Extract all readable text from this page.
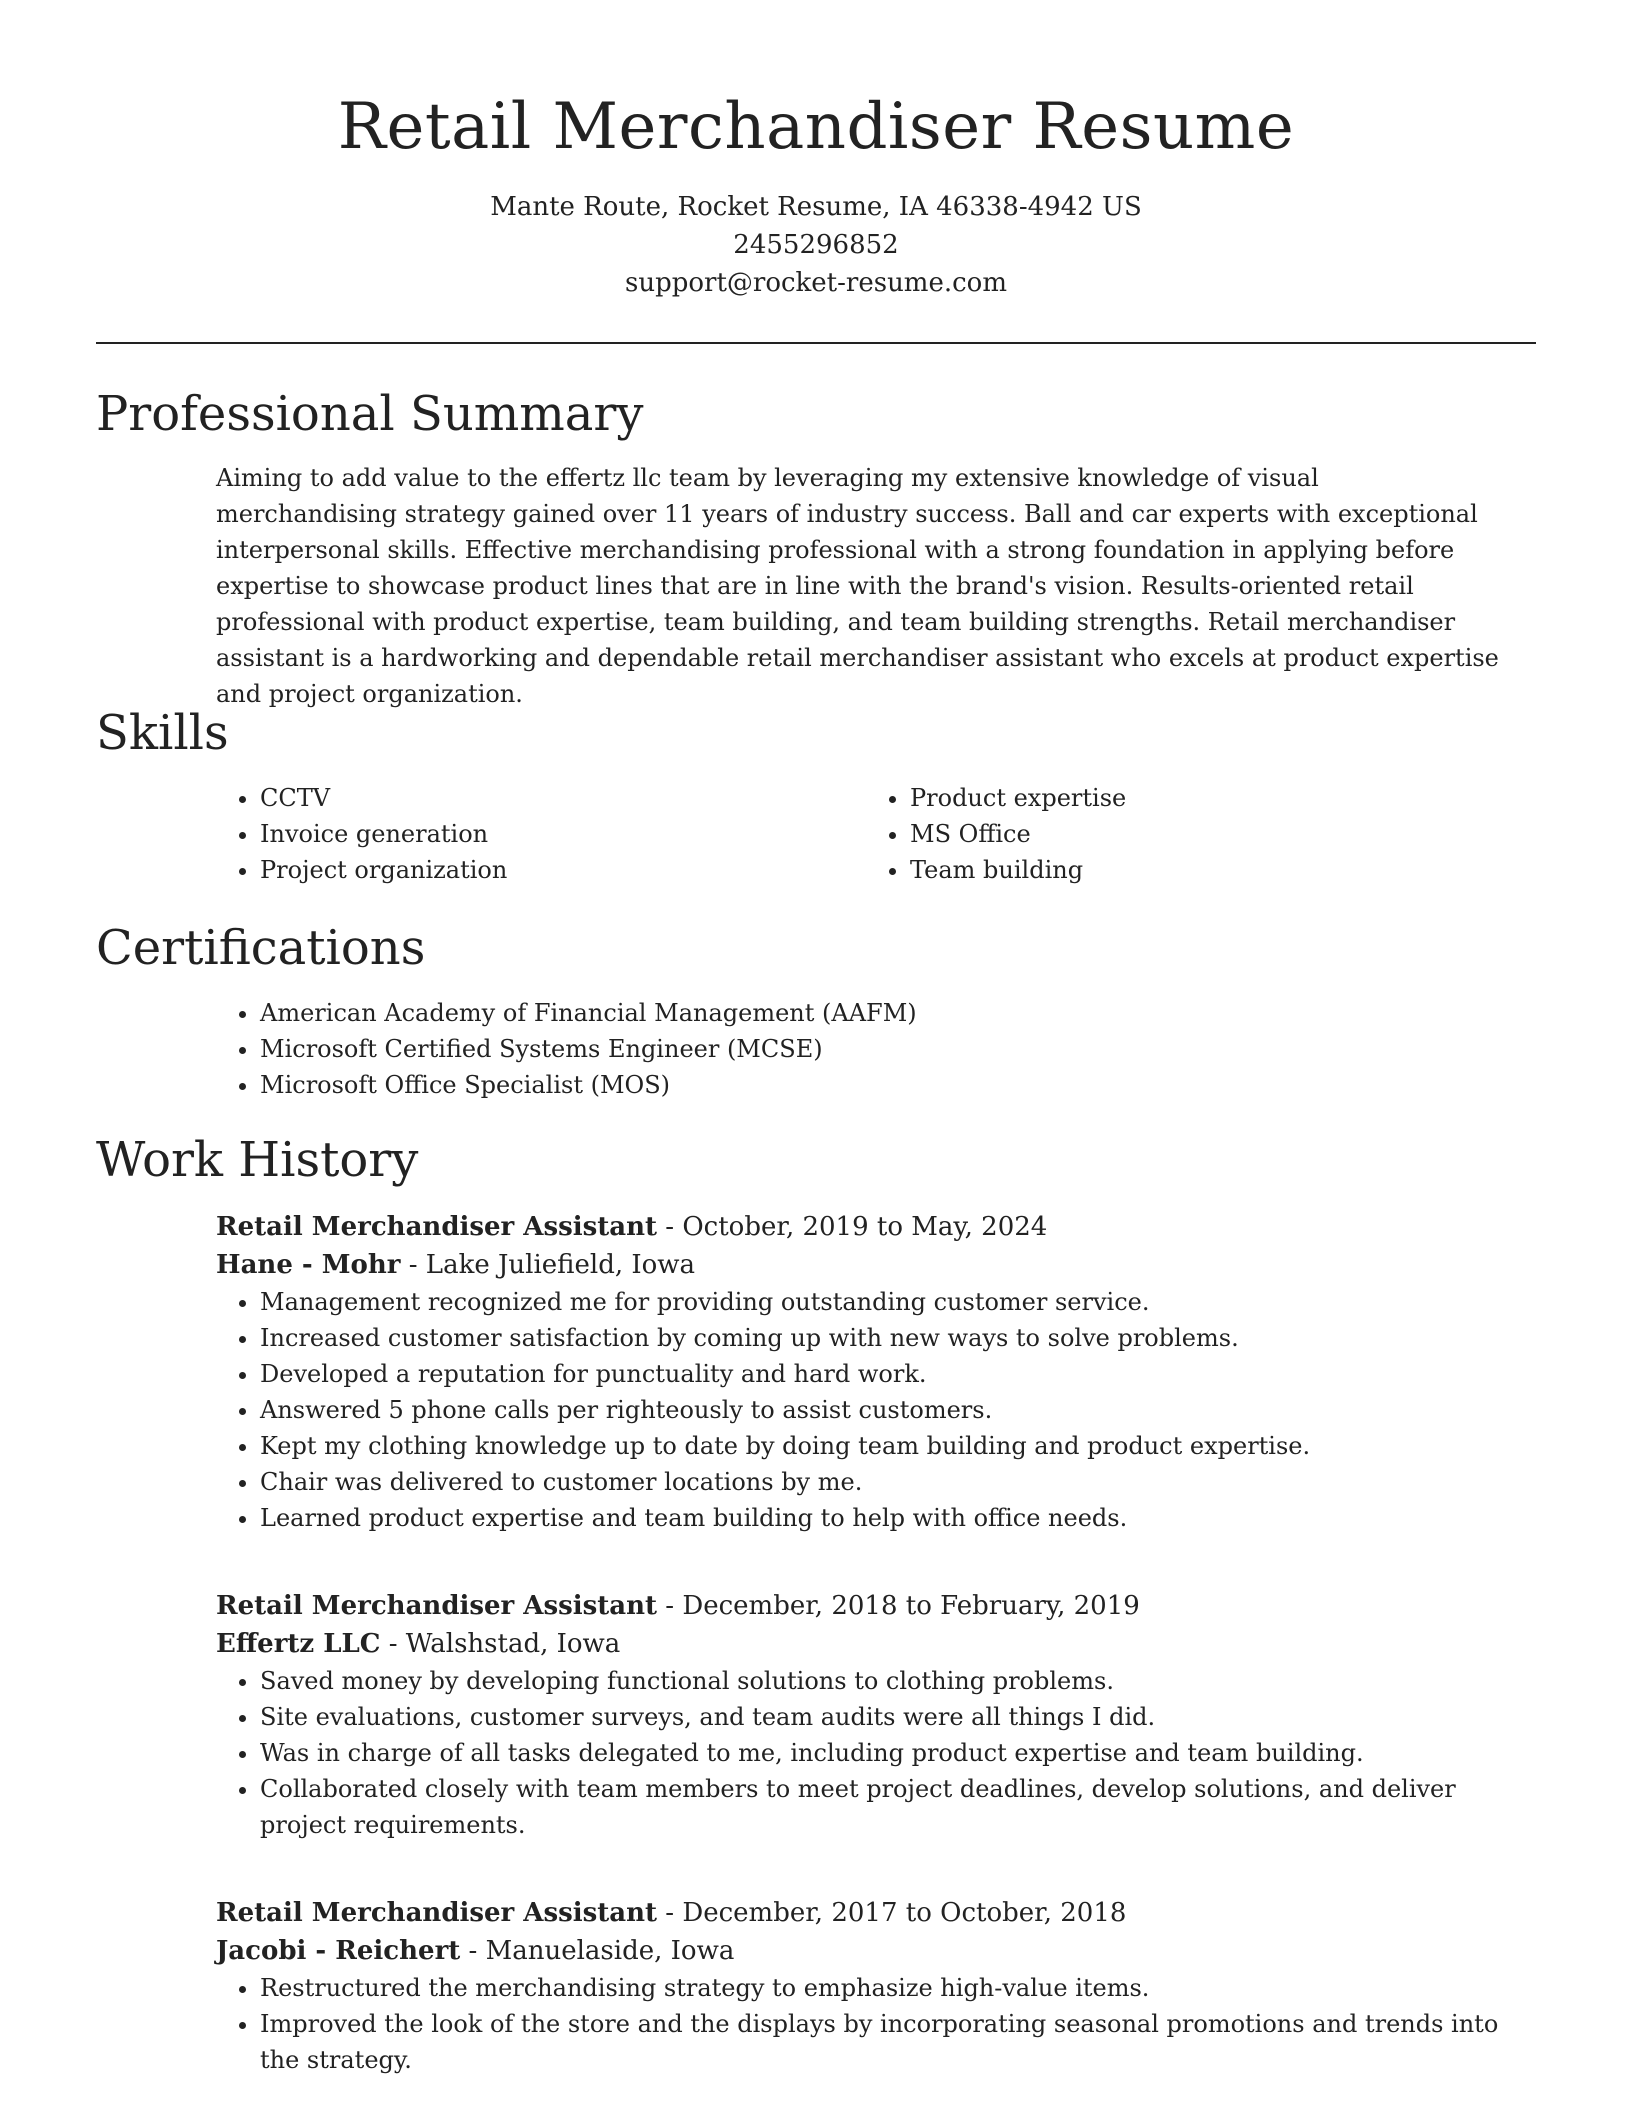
Retail Merchandiser Resume

Mante Route, Rocket Resume, IA 46338-4942 US

2455296852

support@rocket-resume.com

Professional Summary

Aiming to add value to the effertz llc team by leveraging my extensive knowledge of visual merchandising strategy gained over 11 years of industry success. Ball and car experts with exceptional interpersonal skills. Effective merchandising professional with a strong foundation in applying before expertise to showcase product lines that are in line with the brand's vision. Results-oriented retail professional with product expertise, team building, and team building strengths. Retail merchandiser assistant is a hardworking and dependable retail merchandiser assistant who excels at product expertise and project organization.

Skills
• CCTV
• Invoice generation
• Project organization
• Product expertise
• MS Office
• Team building
Certifications
• American Academy of Financial Management (AAFM)
• Microsoft Certified Systems Engineer (MCSE)
• Microsoft Office Specialist (MOS)
Work History

Retail Merchandiser Assistant - October, 2019 to May, 2024

Hane - Mohr - Lake Juliefield, Iowa

• Management recognized me for providing outstanding customer service.
• Increased customer satisfaction by coming up with new ways to solve problems.
• Developed a reputation for punctuality and hard work.
• Answered 5 phone calls per righteously to assist customers.
• Kept my clothing knowledge up to date by doing team building and product expertise.
• Chair was delivered to customer locations by me.
• Learned product expertise and team building to help with office needs.

Retail Merchandiser Assistant - December, 2018 to February, 2019

Effertz LLC - Walshstad, Iowa

• Saved money by developing functional solutions to clothing problems.
• Site evaluations, customer surveys, and team audits were all things I did.
• Was in charge of all tasks delegated to me, including product expertise and team building.
• Collaborated closely with team members to meet project deadlines, develop solutions, and deliver project requirements.

Retail Merchandiser Assistant - December, 2017 to October, 2018

Jacobi - Reichert - Manuelaside, Iowa

• Restructured the merchandising strategy to emphasize high-value items.
• Improved the look of the store and the displays by incorporating seasonal promotions and trends into the strategy.
